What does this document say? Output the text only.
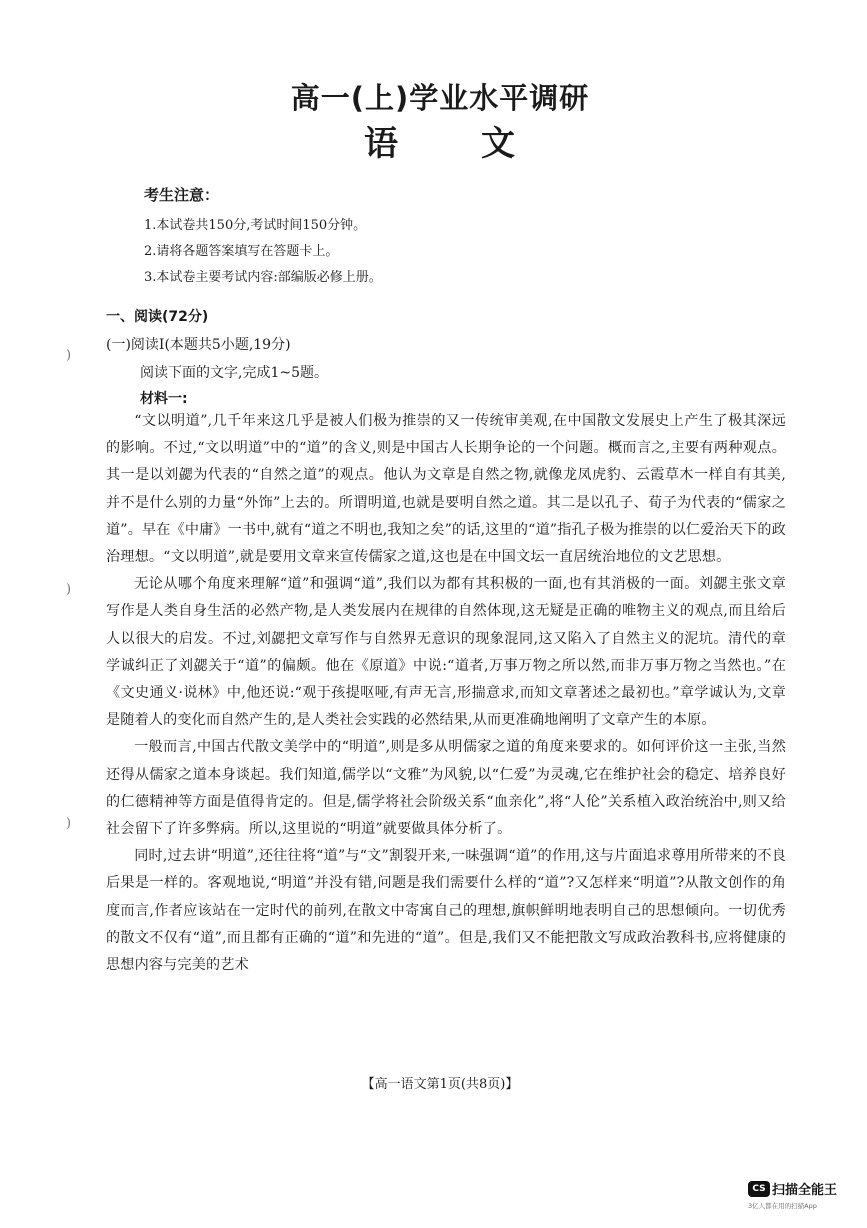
高一(上)学业水平调研
语 文
考生注意：
1.本试卷共150分,考试时间150分钟。
2.请将各题答案填写在答题卡上。
3.本试卷主要考试内容:部编版必修上册。
一、阅读(72分)
(一)阅读Ⅰ(本题共5小题,19分)
阅读下面的文字,完成1~5题。
材料一:

“文以明道”,几千年来这几乎是被人们极为推崇的又一传统审美观,在中国散文发展史上产生了极其深远的影响。不过,“文以明道”中的“道”的含义,则是中国古人长期争论的一个问题。概而言之,主要有两种观点。其一是以刘勰为代表的“自然之道”的观点。他认为文章是自然之物,就像龙凤虎豹、云霞草木一样自有其美,并不是什么别的力量“外饰”上去的。所谓明道,也就是要明自然之道。其二是以孔子、荀子为代表的“儒家之道”。早在《中庸》一书中,就有“道之不明也,我知之矣”的话,这里的“道”指孔子极为推崇的以仁爱治天下的政治理想。“文以明道”,就是要用文章来宣传儒家之道,这也是在中国文坛一直居统治地位的文艺思想。

无论从哪个角度来理解“道”和强调“道”,我们以为都有其积极的一面,也有其消极的一面。刘勰主张文章写作是人类自身生活的必然产物,是人类发展内在规律的自然体现,这无疑是正确的唯物主义的观点,而且给后人以很大的启发。不过,刘勰把文章写作与自然界无意识的现象混同,这又陷入了自然主义的泥坑。清代的章学诚纠正了刘勰关于“道”的偏颇。他在《原道》中说:“道者,万事万物之所以然,而非万事万物之当然也。”在《文史通义·说林》中,他还说:“观于孩提呕哑,有声无言,形揣意求,而知文章著述之最初也。”章学诚认为,文章是随着人的变化而自然产生的,是人类社会实践的必然结果,从而更准确地阐明了文章产生的本原。

一般而言,中国古代散文美学中的“明道”,则是多从明儒家之道的角度来要求的。如何评价这一主张,当然还得从儒家之道本身谈起。我们知道,儒学以“文雅”为风貌,以“仁爱”为灵魂,它在维护社会的稳定、培养良好的仁德精神等方面是值得肯定的。但是,儒学将社会阶级关系“血亲化”,将“人伦”关系植入政治统治中,则又给社会留下了许多弊病。所以,这里说的“明道”就要做具体分析了。

同时,过去讲“明道”,还往往将“道”与“文”割裂开来,一味强调“道”的作用,这与片面追求尊用所带来的不良后果是一样的。客观地说,“明道”并没有错,问题是我们需要什么样的“道”?又怎样来“明道”?从散文创作的角度而言,作者应该站在一定时代的前列,在散文中寄寓自己的理想,旗帜鲜明地表明自己的思想倾向。一切优秀的散文不仅有“道”,而且都有正确的“道”和先进的“道”。但是,我们又不能把散文写成政治教科书,应将健康的思想内容与完美的艺术

)
)
)
【高一语文第1页(共8页)】
CS 扫描全能王
3亿人都在用的扫描App
